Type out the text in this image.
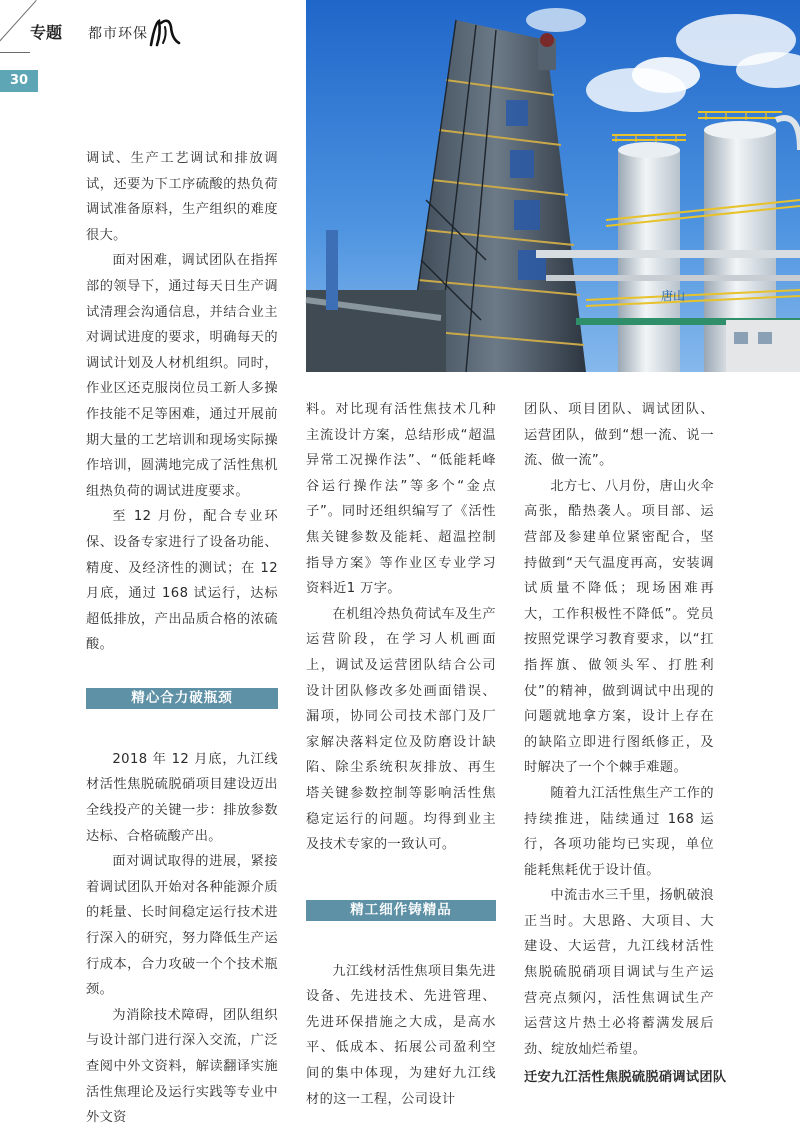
专题 都市环保
30
唐山

调试、生产工艺调试和排放调试，还要为下工序硫酸的热负荷调试准备原料，生产组织的难度很大。

面对困难，调试团队在指挥部的领导下，通过每天日生产调试清理会沟通信息，并结合业主对调试进度的要求，明确每天的调试计划及人材机组织。同时，作业区还克服岗位员工新人多操作技能不足等困难，通过开展前期大量的工艺培训和现场实际操作培训，圆满地完成了活性焦机组热负荷的调试进度要求。

至 12 月份，配合专业环保、设备专家进行了设备功能、精度、及经济性的测试；在 12 月底，通过 168 试运行，达标超低排放，产出品质合格的浓硫酸。

精心合力破瓶颈

2018 年 12 月底，九江线材活性焦脱硫脱硝项目建设迈出全线投产的关键一步：排放参数达标、合格硫酸产出。

面对调试取得的进展，紧接着调试团队开始对各种能源介质的耗量、长时间稳定运行技术进行深入的研究，努力降低生产运行成本，合力攻破一个个技术瓶颈。

为消除技术障碍，团队组织与设计部门进行深入交流，广泛查阅中外文资料，解读翻译实施活性焦理论及运行实践等专业中外文资

料。对比现有活性焦技术几种主流设计方案，总结形成“超温异常工况操作法”、“低能耗峰谷运行操作法”等多个“金点子”。同时还组织编写了《活性焦关键参数及能耗、超温控制指导方案》等作业区专业学习资料近1 万字。

在机组冷热负荷试车及生产运营阶段，在学习人机画面上，调试及运营团队结合公司设计团队修改多处画面错误、漏项，协同公司技术部门及厂家解决落料定位及防磨设计缺陷、除尘系统积灰排放、再生塔关键参数控制等影响活性焦稳定运行的问题。均得到业主及技术专家的一致认可。

精工细作铸精品

九江线材活性焦项目集先进设备、先进技术、先进管理、先进环保措施之大成，是高水平、低成本、拓展公司盈利空间的集中体现，为建好九江线材的这一工程，公司设计

团队、项目团队、调试团队、运营团队，做到“想一流、说一流、做一流”。

北方七、八月份，唐山火伞高张，酷热袭人。项目部、运营部及参建单位紧密配合，坚持做到“天气温度再高，安装调试质量不降低；现场困难再大，工作积极性不降低”。党员按照党课学习教育要求，以“扛指挥旗、做领头军、打胜利仗”的精神，做到调试中出现的问题就地拿方案，设计上存在的缺陷立即进行图纸修正，及时解决了一个个棘手难题。

随着九江活性焦生产工作的持续推进，陆续通过 168 运行，各项功能均已实现，单位能耗焦耗优于设计值。

中流击水三千里，扬帆破浪正当时。大思路、大项目、大建设、大运营，九江线材活性焦脱硫脱硝项目调试与生产运营亮点频闪，活性焦调试生产运营这片热土必将蓄满发展后劲、绽放灿烂希望。

迁安九江活性焦脱硫脱硝调试团队
